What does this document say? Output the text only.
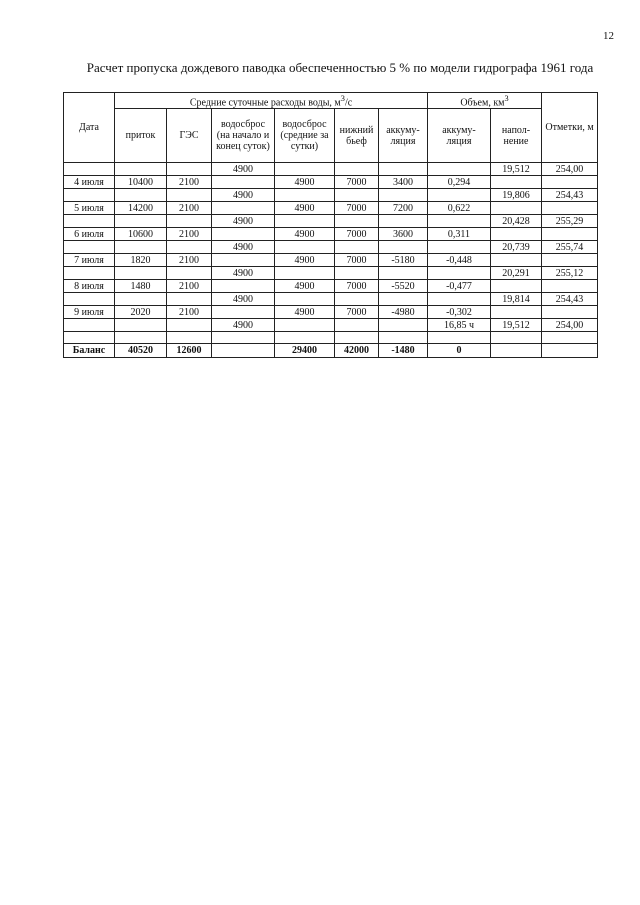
12
Расчет пропуска дождевого паводка обеспеченностью 5 % по модели гидрографа 1961 года
Дата	Средние суточные расходы воды, $м^3/с$						Объем, $км^3$		Отметки, м
	приток	ГЭС	водосброс (на начало и конец суток)	водосброс (средние за сутки)	нижний бьеф	аккуму-ляция	аккуму-ляция	напол-нение	
			4900					19,512	254,00
4 июля	10400	2100		4900	7000	3400	0,294		
			4900					19,806	254,43
5 июля	14200	2100		4900	7000	7200	0,622		
			4900					20,428	255,29
6 июля	10600	2100		4900	7000	3600	0,311		
			4900					20,739	255,74
7 июля	1820	2100		4900	7000	-5180	-0,448		
			4900					20,291	255,12
8 июля	1480	2100		4900	7000	-5520	-0,477		
			4900					19,814	254,43
9 июля	2020	2100		4900	7000	-4980	-0,302		
			4900				16,85 ч	19,512	254,00

Баланс	40520	12600		29400	42000	-1480	0		
